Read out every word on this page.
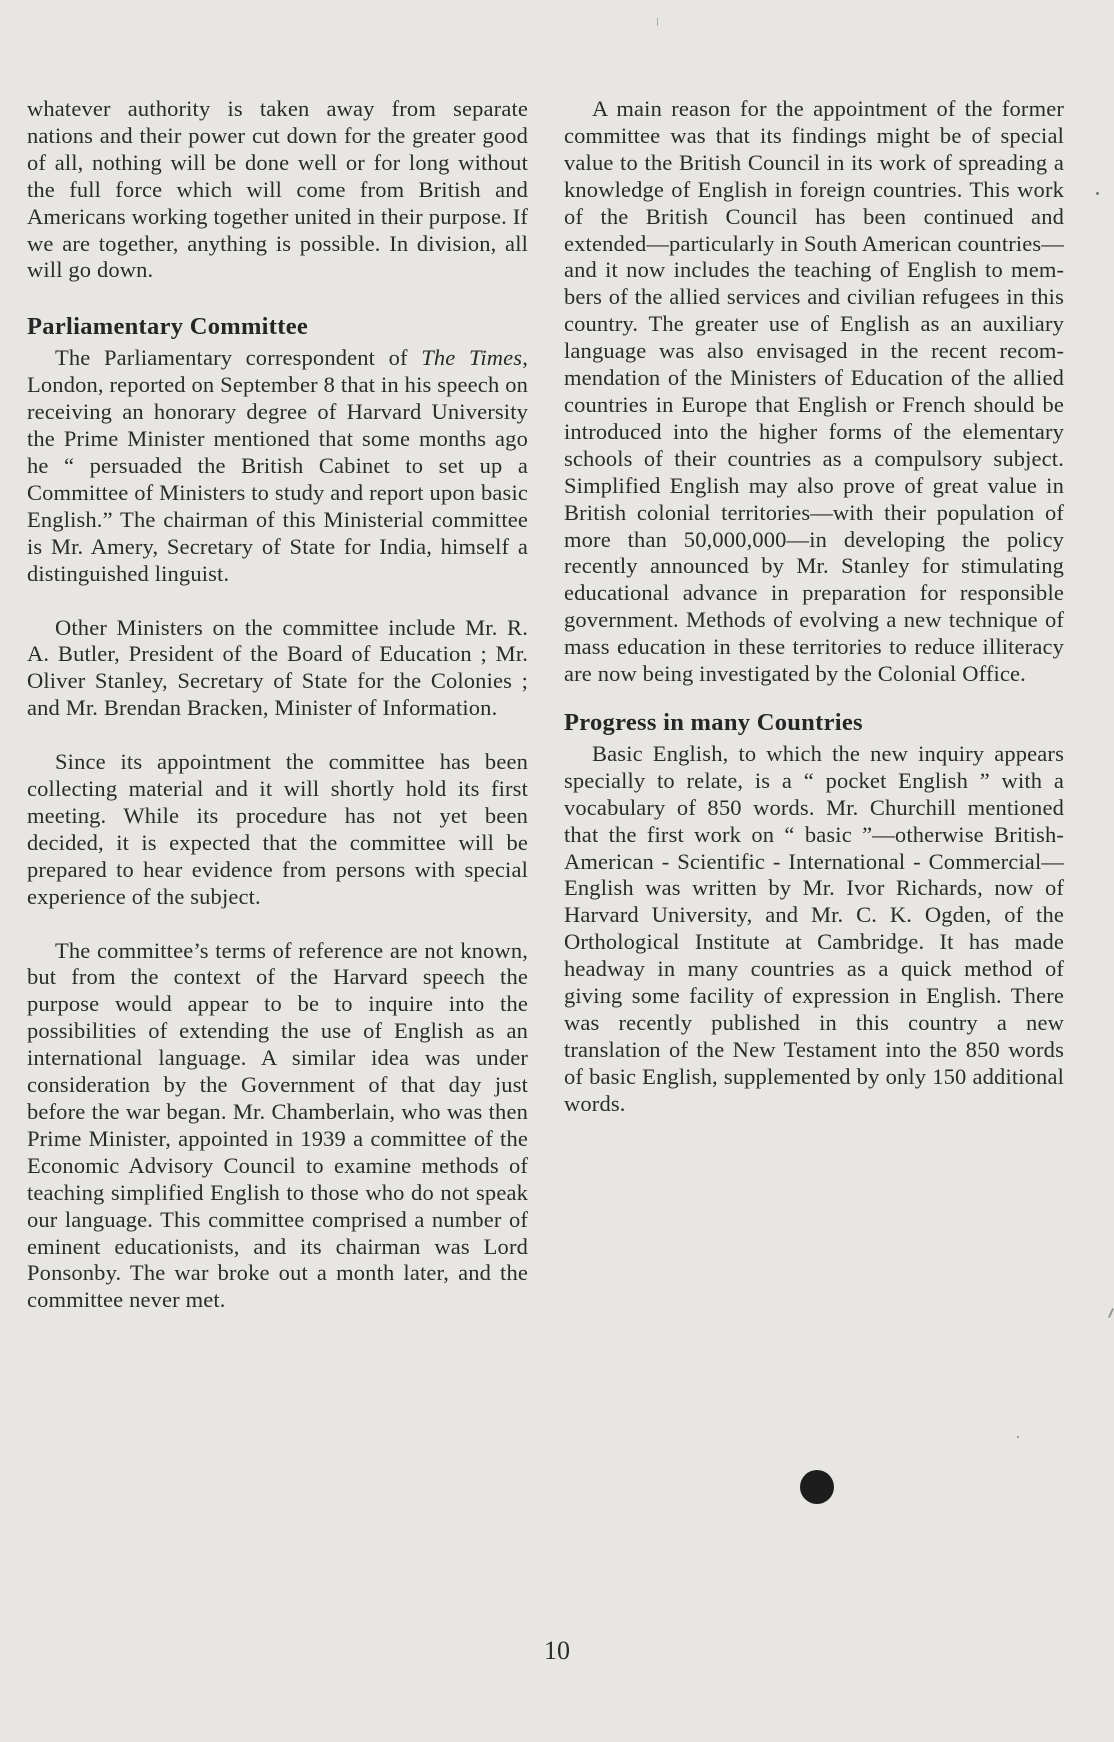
whatever authority is taken away from separate nations and their power cut down for the greater good of all, nothing will be done well or for long without the full force which will come from British and Americans working together united in their purpose. If we are together, anything is possible. In division, all will go down.

Parliamentary Committee

The Parliamentary correspondent of The Times, London, reported on September 8 that in his speech on receiving an honorary degree of Harvard University the Prime Minister mentioned that some months ago he “ persuaded the British Cabinet to set up a Committee of Ministers to study and report upon basic English.” The chairman of this Ministerial committee is Mr. Amery, Secretary of State for India, himself a distinguished linguist.

Other Ministers on the committee include Mr. R. A. Butler, President of the Board of Education ; Mr. Oliver Stanley, Secretary of State for the Colonies ; and Mr. Brendan Bracken, Minister of Information.

Since its appointment the committee has been collecting material and it will shortly hold its first meeting. While its procedure has not yet been decided, it is expected that the committee will be prepared to hear evidence from persons with special experience of the subject.

The committee’s terms of reference are not known, but from the context of the Harvard speech the purpose would appear to be to inquire into the possibilities of extending the use of English as an international language. A similar idea was under consideration by the Government of that day just before the war began. Mr. Chamberlain, who was then Prime Minister, appointed in 1939 a committee of the Economic Advisory Council to examine methods of teaching simplified English to those who do not speak our language. This committee comprised a number of eminent educationists, and its chairman was Lord Ponsonby. The war broke out a month later, and the committee never met.

A main reason for the appointment of the former committee was that its findings might be of special value to the British Council in its work of spreading a knowledge of English in foreign countries. This work of the British Council has been continued and extended—particularly in South American countries—and it now includes the teaching of English to members of the allied services and civilian refugees in this country. The greater use of English as an auxiliary language was also envisaged in the recent recommendation of the Ministers of Education of the allied countries in Europe that English or French should be introduced into the higher forms of the elementary schools of their countries as a compulsory subject. Simplified English may also prove of great value in British colonial territories—with their population of more than 50,000,000—in developing the policy recently announced by Mr. Stanley for stimulating educational advance in preparation for responsible government. Methods of evolving a new technique of mass education in these territories to reduce illiteracy are now being investigated by the Colonial Office.

Progress in many Countries

Basic English, to which the new inquiry appears specially to relate, is a “ pocket English ” with a vocabulary of 850 words. Mr. Churchill mentioned that the first work on “ basic ”—otherwise British-American - Scientific - International - Commercial—English was written by Mr. Ivor Richards, now of Harvard University, and Mr. C. K. Ogden, of the Orthological Institute at Cambridge. It has made headway in many countries as a quick method of giving some facility of expression in English. There was recently published in this country a new translation of the New Testament into the 850 words of basic English, supplemented by only 150 additional words.

10
